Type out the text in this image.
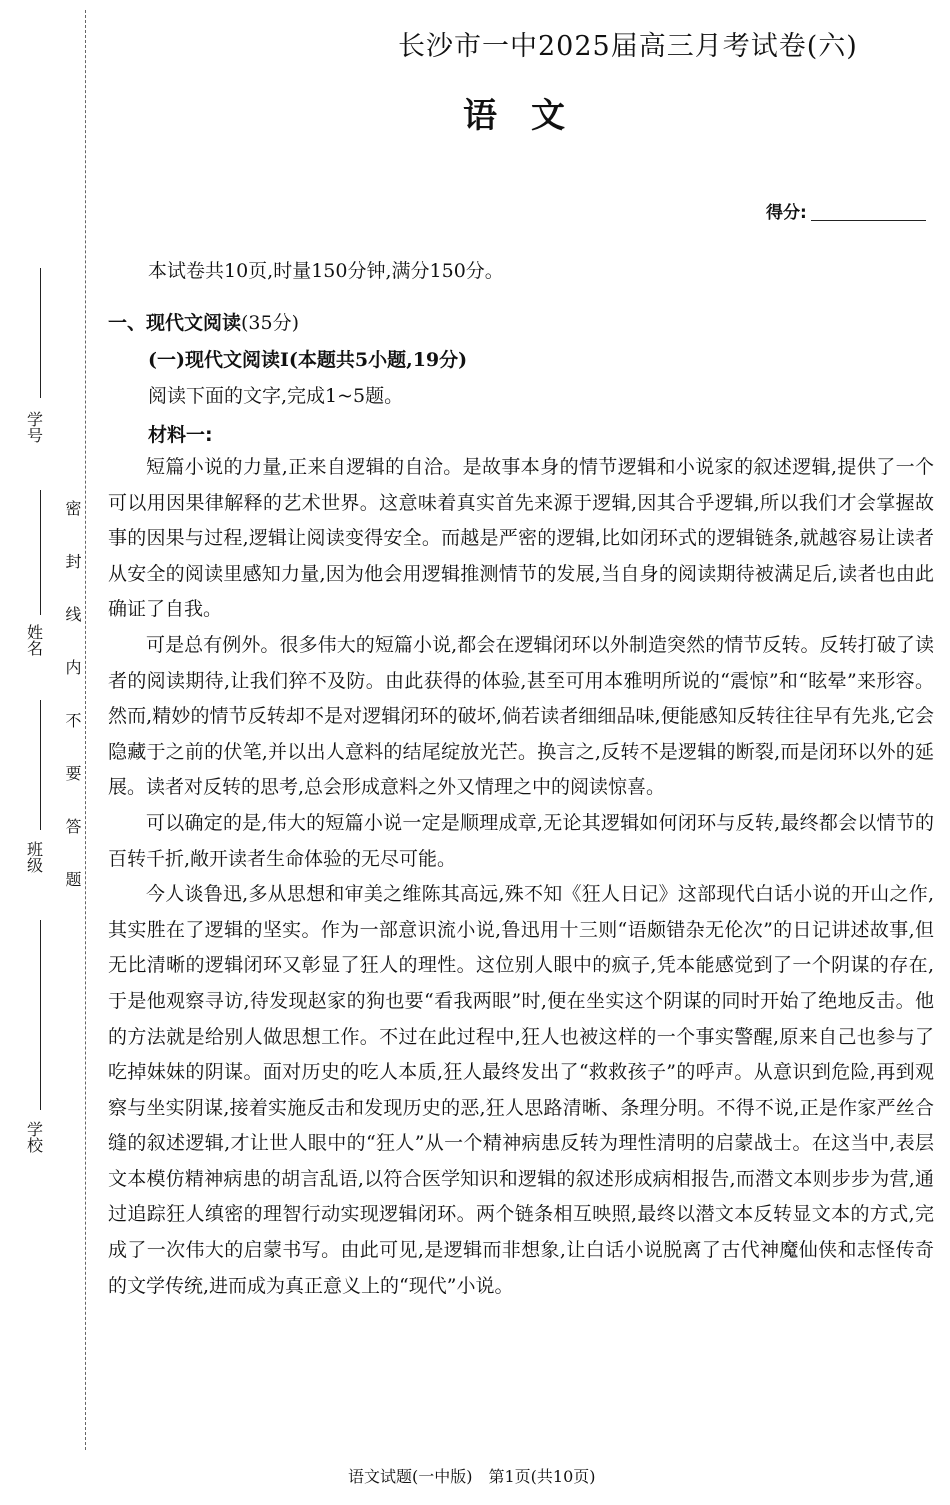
学号
姓名
班级
学校
密封线内不要答题
长沙市一中2025届高三月考试卷(六)
语文
得分:
本试卷共10页,时量150分钟,满分150分。
一、现代文阅读(35分)
(一)现代文阅读Ⅰ(本题共5小题,19分)
阅读下面的文字,完成1~5题。
材料一:

短篇小说的力量,正来自逻辑的自洽。是故事本身的情节逻辑和小说家的叙述逻辑,提供了一个可以用因果律解释的艺术世界。这意味着真实首先来源于逻辑,因其合乎逻辑,所以我们才会掌握故事的因果与过程,逻辑让阅读变得安全。而越是严密的逻辑,比如闭环式的逻辑链条,就越容易让读者从安全的阅读里感知力量,因为他会用逻辑推测情节的发展,当自身的阅读期待被满足后,读者也由此确证了自我。

可是总有例外。很多伟大的短篇小说,都会在逻辑闭环以外制造突然的情节反转。反转打破了读者的阅读期待,让我们猝不及防。由此获得的体验,甚至可用本雅明所说的“震惊”和“眩晕”来形容。然而,精妙的情节反转却不是对逻辑闭环的破坏,倘若读者细细品味,便能感知反转往往早有先兆,它会隐藏于之前的伏笔,并以出人意料的结尾绽放光芒。换言之,反转不是逻辑的断裂,而是闭环以外的延展。读者对反转的思考,总会形成意料之外又情理之中的阅读惊喜。

可以确定的是,伟大的短篇小说一定是顺理成章,无论其逻辑如何闭环与反转,最终都会以情节的百转千折,敞开读者生命体验的无尽可能。

今人谈鲁迅,多从思想和审美之维陈其高远,殊不知《狂人日记》这部现代白话小说的开山之作,其实胜在了逻辑的坚实。作为一部意识流小说,鲁迅用十三则“语颇错杂无伦次”的日记讲述故事,但无比清晰的逻辑闭环又彰显了狂人的理性。这位别人眼中的疯子,凭本能感觉到了一个阴谋的存在,于是他观察寻访,待发现赵家的狗也要“看我两眼”时,便在坐实这个阴谋的同时开始了绝地反击。他的方法就是给别人做思想工作。不过在此过程中,狂人也被这样的一个事实警醒,原来自己也参与了吃掉妹妹的阴谋。面对历史的吃人本质,狂人最终发出了“救救孩子”的呼声。从意识到危险,再到观察与坐实阴谋,接着实施反击和发现历史的恶,狂人思路清晰、条理分明。不得不说,正是作家严丝合缝的叙述逻辑,才让世人眼中的“狂人”从一个精神病患反转为理性清明的启蒙战士。在这当中,表层文本模仿精神病患的胡言乱语,以符合医学知识和逻辑的叙述形成病相报告,而潜文本则步步为营,通过追踪狂人缜密的理智行动实现逻辑闭环。两个链条相互映照,最终以潜文本反转显文本的方式,完成了一次伟大的启蒙书写。由此可见,是逻辑而非想象,让白话小说脱离了古代神魔仙侠和志怪传奇的文学传统,进而成为真正意义上的“现代”小说。

语文试题(一中版)　第1页(共10页)
